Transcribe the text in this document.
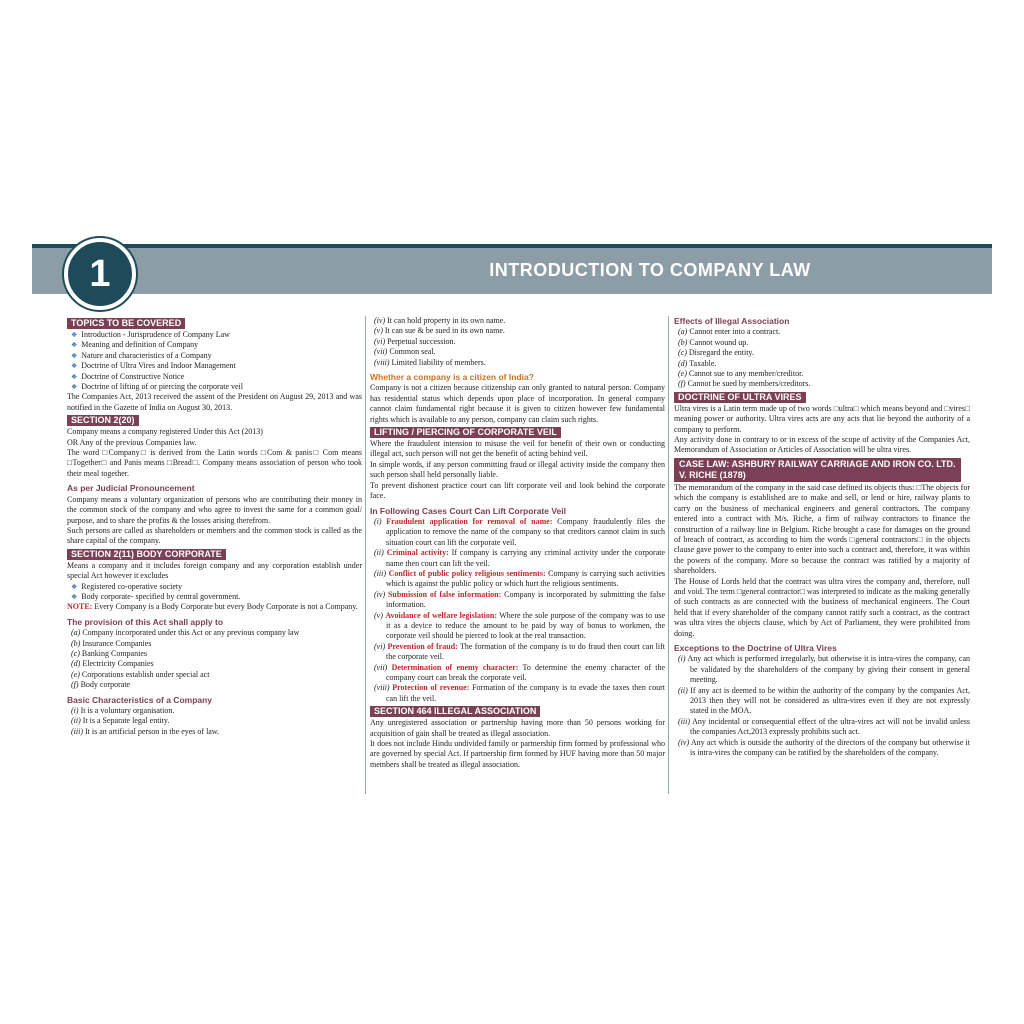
INTRODUCTION TO COMPANY LAW
1
TOPICS TO BE COVERED

❖ Introduction - Jurisprudence of Company Law

❖ Meaning and definition of Company

❖ Nature and characteristics of a Company

❖ Doctrine of Ultra Vires and Indoor Management

❖ Doctrine of Constructive Notice

❖ Doctrine of lifting of or piercing the corporate veil

The Companies Act, 2013 received the assent of the President on August 29, 2013 and was notified in the Gazette of India on August 30, 2013.

SECTION 2(20)

Company means a company registered Under this Act (2013)

OR Any of the previous Companies law.

The word □Company□ is derived from the Latin words □Com & panis□ Com means □Together□ and Panis means □Bread□. Company means association of person who took their meal together.

As per Judicial Pronouncement

Company means a voluntary organization of persons who are contributing their money in the common stock of the company and who agree to invest the same for a common goal/ purpose, and to share the profits & the losses arising therefrom.

Such persons are called as shareholders or members and the common stock is called as the share capital of the company.

SECTION 2(11) BODY CORPORATE

Means a company and it includes foreign company and any corporation establish under special Act however it excludes

❖ Registered co-operative society

❖ Body corporate- specified by central government.

NOTE: Every Company is a Body Corporate but every Body Corporate is not a Company.

The provision of this Act shall apply to

(a) Company incorporated under this Act or any previous company law

(b) Insurance Companies

(c) Banking Companies

(d) Electricity Companies

(e) Corporations establish under special act

(f) Body corporate

Basic Characteristics of a Company

(i) It is a voluntary organisation.

(ii) It is a Separate legal entity.

(iii) It is an artificial person in the eyes of law.

(iv) It can hold property in its own name.

(v) It can sue & be sued in its own name.

(vi) Perpetual succession.

(vii) Common seal.

(viii) Limited liability of members.

Whether a company is a citizen of India?

Company is not a citizen because citizenship can only granted to natural person. Company has residential status which depends upon place of incorporation. In general company cannot claim fundamental right because it is given to citizen however few fundamental rights which is available to any person, company can claim such rights.

LIFTING / PIERCING OF CORPORATE VEIL

Where the fraudulent intension to misuse the veil for benefit of their own or conducting illegal act, such person will not get the benefit of acting behind veil.

In simple words, if any person committing fraud or illegal activity inside the company then such person shall held personally liable.

To prevent dishonest practice court can lift corporate veil and look behind the corporate face.

In Following Cases Court Can Lift Corporate Veil

(i) Fraudulent application for removal of name: Company fraudulently files the application to remove the name of the company so that creditors cannot claim in such situation court can lift the corporate veil.

(ii) Criminal activity: If company is carrying any criminal activity under the corporate name then court can lift the veil.

(iii) Conflict of public policy religious sentiments: Company is carrying such activities which is against the public policy or which hurt the religious sentiments.

(iv) Submission of false information: Company is incorporated by submitting the false information.

(v) Avoidance of welfare legislation: Where the sole purpose of the company was to use it as a device to reduce the amount to be paid by way of bonus to workmen, the corporate veil should be pierced to look at the real transaction.

(vi) Prevention of fraud: The formation of the company is to do fraud then court can lift the corporate veil.

(vii) Determination of enemy character: To determine the enemy character of the company court can break the corporate veil.

(viii) Protection of revenue: Formation of the company is to evade the taxes then court can lift the veil.

SECTION 464 ILLEGAL ASSOCIATION

Any unregistered association or partnership having more than 50 persons working for acquisition of gain shall be treated as illegal association.

It does not include Hindu undivided family or partnership firm formed by professional who are governed by special Act. If partnership firm formed by HUF having more than 50 major members shall be treated as illegal association.

Effects of Illegal Association

(a) Cannot enter into a contract.

(b) Cannot wound up.

(c) Disregard the entity.

(d) Taxable.

(e) Cannot sue to any member/creditor.

(f) Cannot be sued by members/creditors.

DOCTRINE OF ULTRA VIRES

Ultra vires is a Latin term made up of two words □ultra□ which means beyond and □vires□ meaning power or authority. Ultra vires acts are any acts that lie beyond the authority of a company to perform.

Any activity done in contrary to or in excess of the scope of activity of the Companies Act, Memorandum of Association or Articles of Association will be ultra vires.

CASE LAW: ASHBURY RAILWAY CARRIAGE AND IRON CO. LTD.
V. RICHE (1878)

The memorandum of the company in the said case defined its objects thus: □The objects for which the company is established are to make and sell, or lend or hire, railway plants to carry on the business of mechanical engineers and general contractors. The company entered into a contract with M/s. Riche, a firm of railway contractors to finance the construction of a railway line in Belgium. Riche brought a case for damages on the ground of breach of contract, as according to him the words □general contractors□ in the objects clause gave power to the company to enter into such a contract and, therefore, it was within the powers of the company. More so because the contract was ratified by a majority of shareholders.

The House of Lords held that the contract was ultra vires the company and, therefore, null and void. The term □general contractor□ was interpreted to indicate as the making generally of such contracts as are connected with the business of mechanical engineers. The Court held that if every shareholder of the company cannot ratify such a contract, as the contract was ultra vires the objects clause, which by Act of Parliament, they were prohibited from doing.

Exceptions to the Doctrine of Ultra Vires

(i) Any act which is performed irregularly, but otherwise it is intra-vires the company, can be validated by the shareholders of the company by giving their consent in general meeting.

(ii) If any act is deemed to be within the authority of the company by the companies Act, 2013 then they will not be considered as ultra-vires even if they are not expressly stated in the MOA.

(iii) Any incidental or consequential effect of the ultra-vires act will not be invalid unless the companies Act,2013 expressly prohibits such act.

(iv) Any act which is outside the authority of the directors of the company but otherwise it is intra-vires the company can be ratified by the shareholders of the company.
